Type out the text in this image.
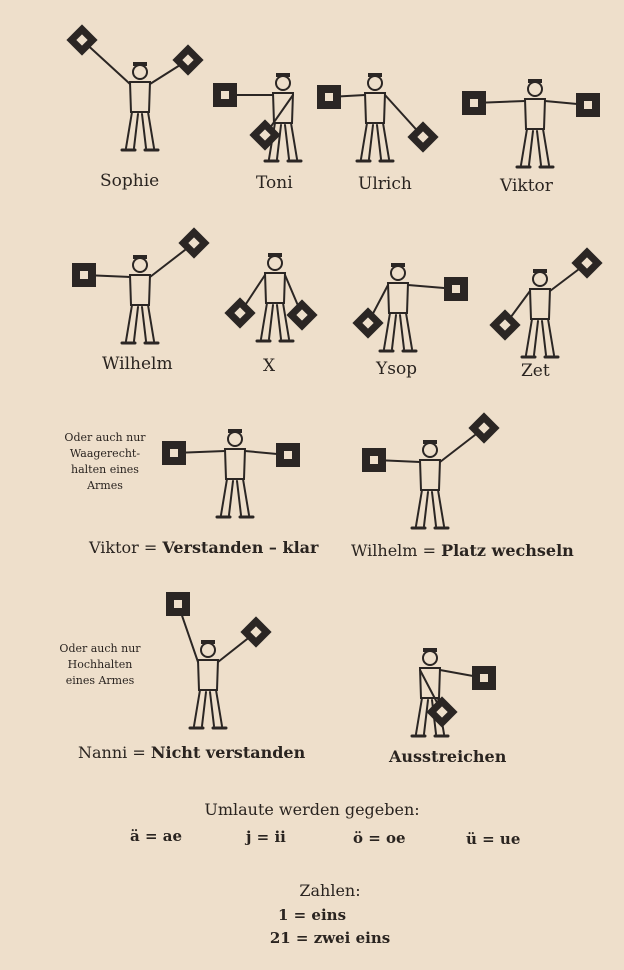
Sophie	Toni	Ulrich	Viktor
Wilhelm	X	Ysop	Zet
Oder auch nur
Waagerecht-
halten eines
Armes
Viktor = Verstanden – klar Wilhelm = Platz wechseln
Oder auch nur
Hochhalten
eines Armes
Nanni = Nicht verstanden	Ausstreichen
Umlaute werden gegeben:
ä = ae	j = ii	ö = oe	ü = ue
Zahlen:
1 = eins
21 = zwei eins
